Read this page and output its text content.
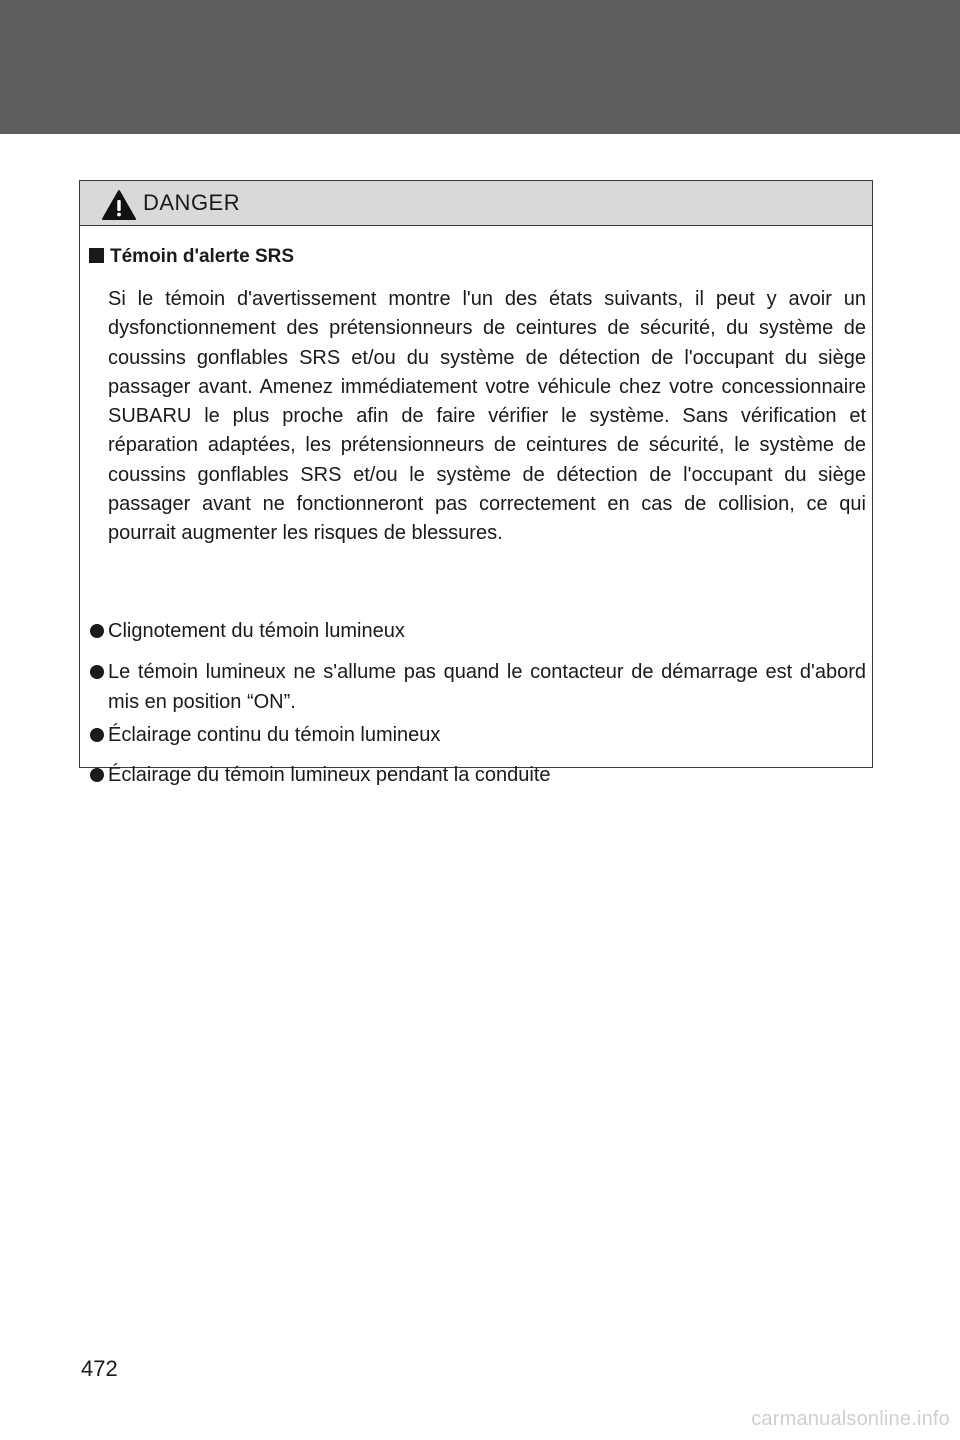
DANGER
Témoin d'alerte SRS
Si le témoin d'avertissement montre l'un des états suivants, il peut y avoir un dysfonctionnement des prétensionneurs de ceintures de sécurité, du système de coussins gonflables SRS et/ou du système de détection de l'occupant du siège passager avant. Amenez immédiatement votre véhicule chez votre concessionnaire SUBARU le plus proche afin de faire vérifier le système. Sans vérification et réparation adaptées, les prétensionneurs de ceintures de sécurité, le système de coussins gonflables SRS et/ou le système de détection de l'occupant du siège passager avant ne fonctionneront pas correctement en cas de collision, ce qui pourrait augmenter les risques de blessures.
Clignotement du témoin lumineux
Le témoin lumineux ne s'allume pas quand le contacteur de démarrage est d'abord mis en position “ON”.
Éclairage continu du témoin lumineux
Éclairage du témoin lumineux pendant la conduite
472
carmanualsonline.info
